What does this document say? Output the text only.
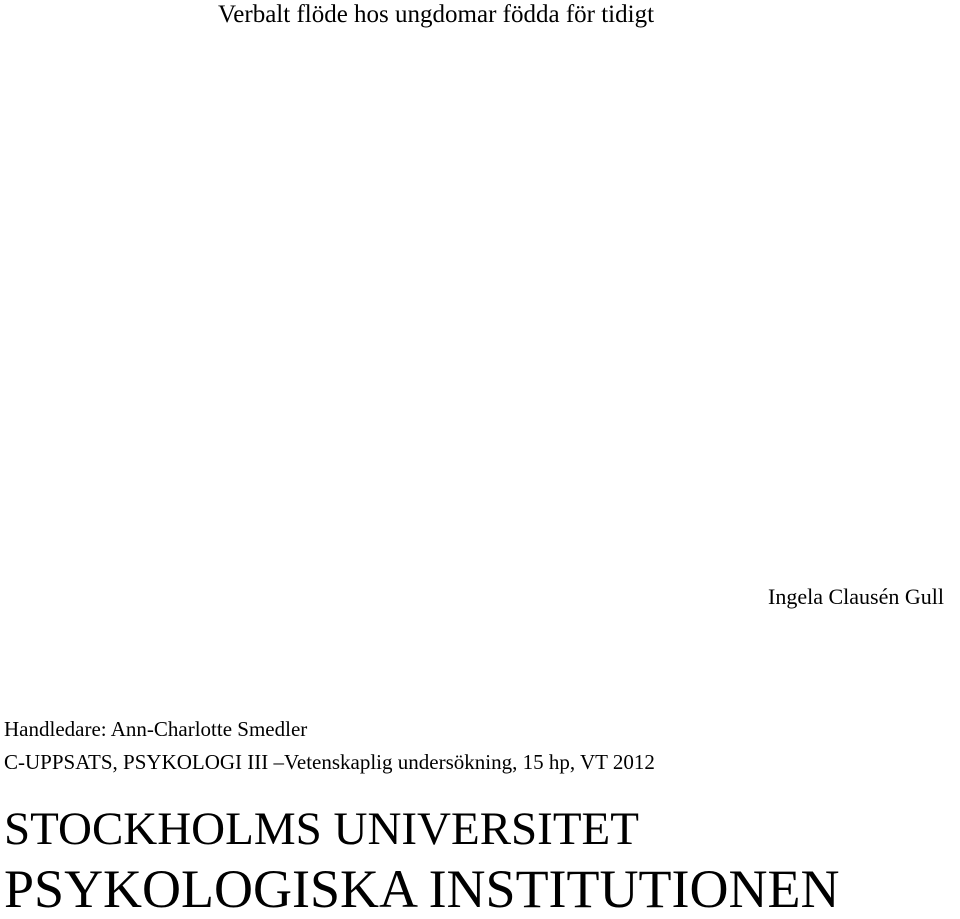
Verbalt flöde hos ungdomar födda för tidigt
Ingela Clausén Gull
Handledare: Ann-Charlotte Smedler
C-UPPSATS, PSYKOLOGI III –Vetenskaplig undersökning, 15 hp, VT 2012
STOCKHOLMS UNIVERSITET
PSYKOLOGISKA INSTITUTIONEN
